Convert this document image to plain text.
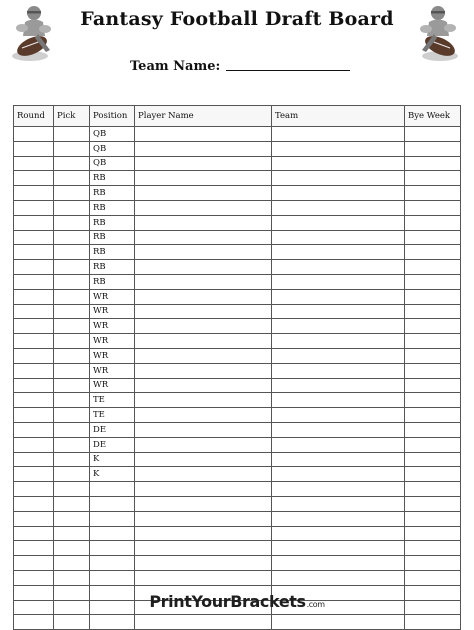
Fantasy Football Draft Board
Team Name:
Round	Pick	Position	Player Name	Team	Bye Week
		QB			
		QB			
		QB			
		RB			
		RB			
		RB			
		RB			
		RB			
		RB			
		RB			
		RB			
		WR			
		WR			
		WR			
		WR			
		WR			
		WR			
		WR			
		TE			
		TE			
		DE			
		DE			
		K			
		K			

PrintYourBrackets.com
